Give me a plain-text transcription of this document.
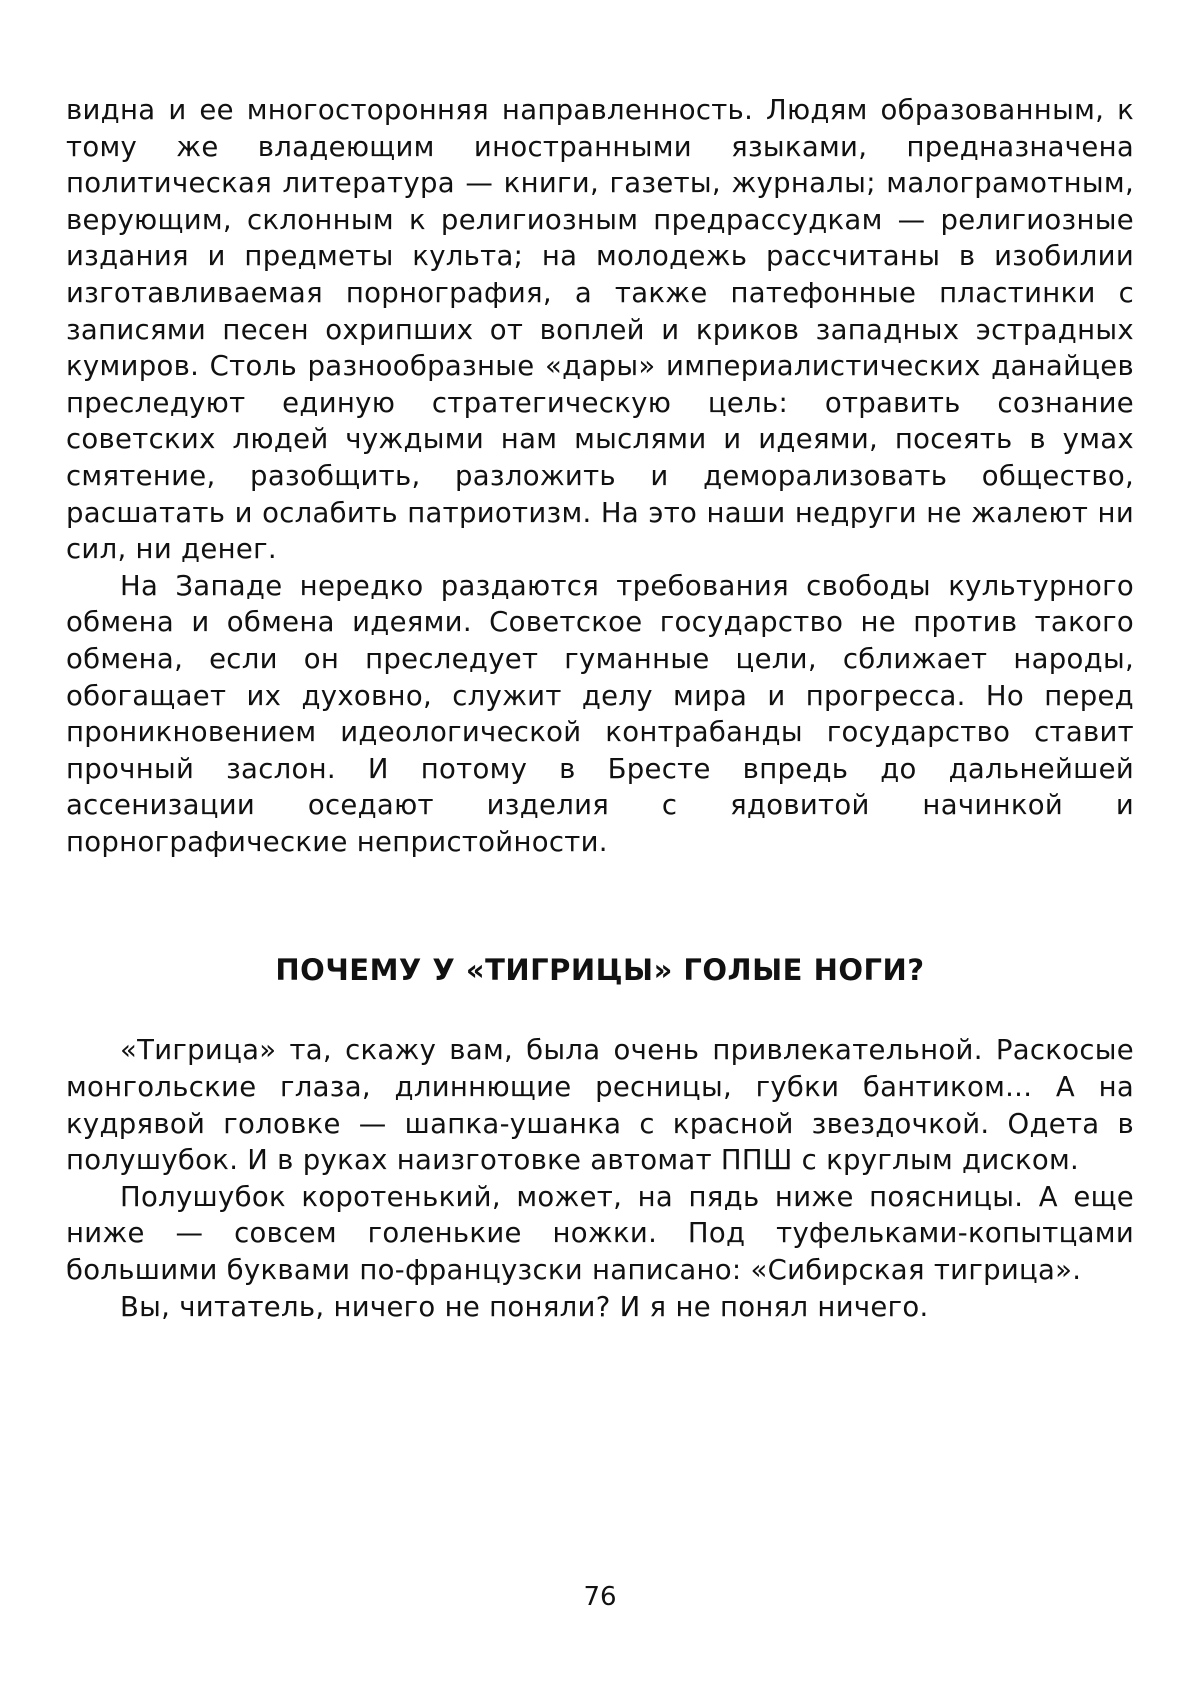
видна и ее многосторонняя направленность. Людям образованным, к тому же владеющим иностранными языками, предназначена политическая литература — книги, газеты, журналы; малограмотным, верующим, склонным к религиозным предрассудкам — религиозные издания и предметы культа; на молодежь рассчитаны в изобилии изготавливаемая порнография, а также патефонные пластинки с записями песен охрипших от воплей и криков западных эстрадных кумиров. Столь разнообразные «дары» империалистических данайцев преследуют единую стратегическую цель: отравить сознание советских людей чуждыми нам мыслями и идеями, посеять в умах смятение, разобщить, разложить и деморализовать общество, расшатать и ослабить патриотизм. На это наши недруги не жалеют ни сил, ни денег.

На Западе нередко раздаются требования свободы культурного обмена и обмена идеями. Советское государство не против такого обмена, если он преследует гуманные цели, сближает народы, обогащает их духовно, служит делу мира и прогресса. Но перед проникновением идеологической контрабанды государство ставит прочный заслон. И потому в Бресте впредь до дальнейшей ассенизации оседают изделия с ядовитой начинкой и порнографические непристойности.

ПОЧЕМУ У «ТИГРИЦЫ» ГОЛЫЕ НОГИ?

«Тигрица» та, скажу вам, была очень привлекательной. Раскосые монгольские глаза, длиннющие ресницы, губки бантиком... А на кудрявой головке — шапка-ушанка с красной звездочкой. Одета в полушубок. И в руках наизготовке автомат ППШ с круглым диском.

Полушубок коротенький, может, на пядь ниже поясницы. А еще ниже — совсем голенькие ножки. Под туфельками-копытцами большими буквами по-французски написано: «Сибирская тигрица».

Вы, читатель, ничего не поняли? И я не понял ничего.

76
